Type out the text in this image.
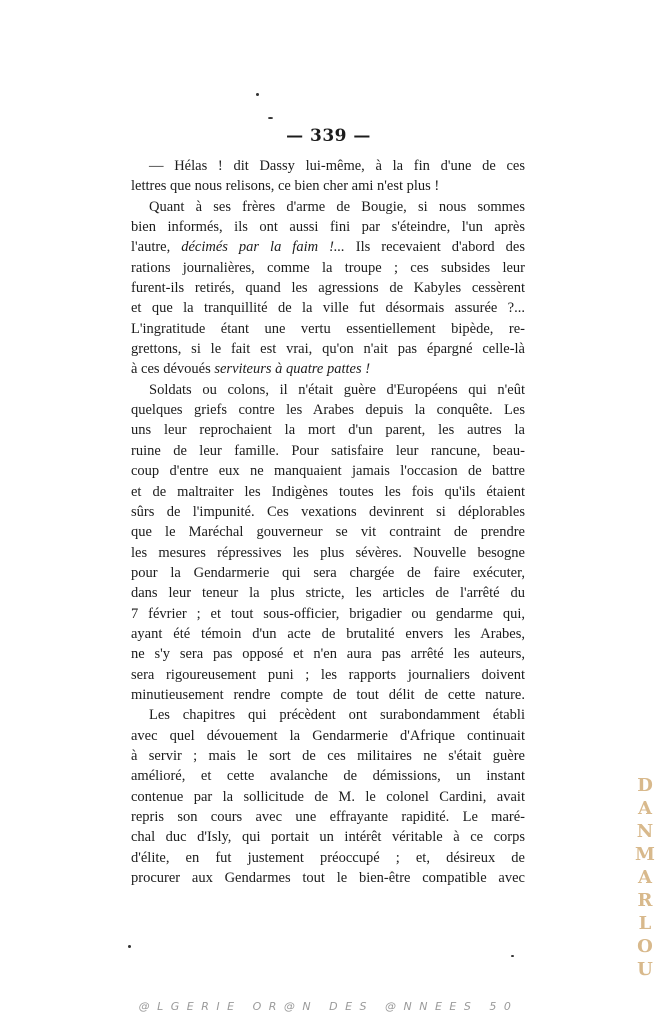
— 339 —
— Hélas ! dit Dassy lui-même, à la fin d'une de ces
lettres que nous relisons, ce bien cher ami n'est plus !
Quant à ses frères d'arme de Bougie, si nous sommes
bien informés, ils ont aussi fini par s'éteindre, l'un après
l'autre, décimés par la faim !... Ils recevaient d'abord des
rations journalières, comme la troupe ; ces subsides leur
furent-ils retirés, quand les agressions de Kabyles cessèrent
et que la tranquillité de la ville fut désormais assurée ?...
L'ingratitude étant une vertu essentiellement bipède, re-
grettons, si le fait est vrai, qu'on n'ait pas épargné celle-là
à ces dévoués serviteurs à quatre pattes !
Soldats ou colons, il n'était guère d'Européens qui n'eût
quelques griefs contre les Arabes depuis la conquête. Les
uns leur reprochaient la mort d'un parent, les autres la
ruine de leur famille. Pour satisfaire leur rancune, beau-
coup d'entre eux ne manquaient jamais l'occasion de battre
et de maltraiter les Indigènes toutes les fois qu'ils étaient
sûrs de l'impunité. Ces vexations devinrent si déplorables
que le Maréchal gouverneur se vit contraint de prendre
les mesures répressives les plus sévères. Nouvelle besogne
pour la Gendarmerie qui sera chargée de faire exécuter,
dans leur teneur la plus stricte, les articles de l'arrêté du
7 février ; et tout sous-officier, brigadier ou gendarme qui,
ayant été témoin d'un acte de brutalité envers les Arabes,
ne s'y sera pas opposé et n'en aura pas arrêté les auteurs,
sera rigoureusement puni ; les rapports journaliers doivent
minutieusement rendre compte de tout délit de cette nature.
Les chapitres qui précèdent ont surabondamment établi
avec quel dévouement la Gendarmerie d'Afrique continuait
à servir ; mais le sort de ces militaires ne s'était guère
amélioré, et cette avalanche de démissions, un instant
contenue par la sollicitude de M. le colonel Cardini, avait
repris son cours avec une effrayante rapidité. Le maré-
chal duc d'Isly, qui portait un intérêt véritable à ce corps
d'élite, en fut justement préoccupé ; et, désireux de
procurer aux Gendarmes tout le bien-être compatible avec
D
A
N
M
A
R
L
O
U
@LGERIE OR@N DES @NNEES 50
